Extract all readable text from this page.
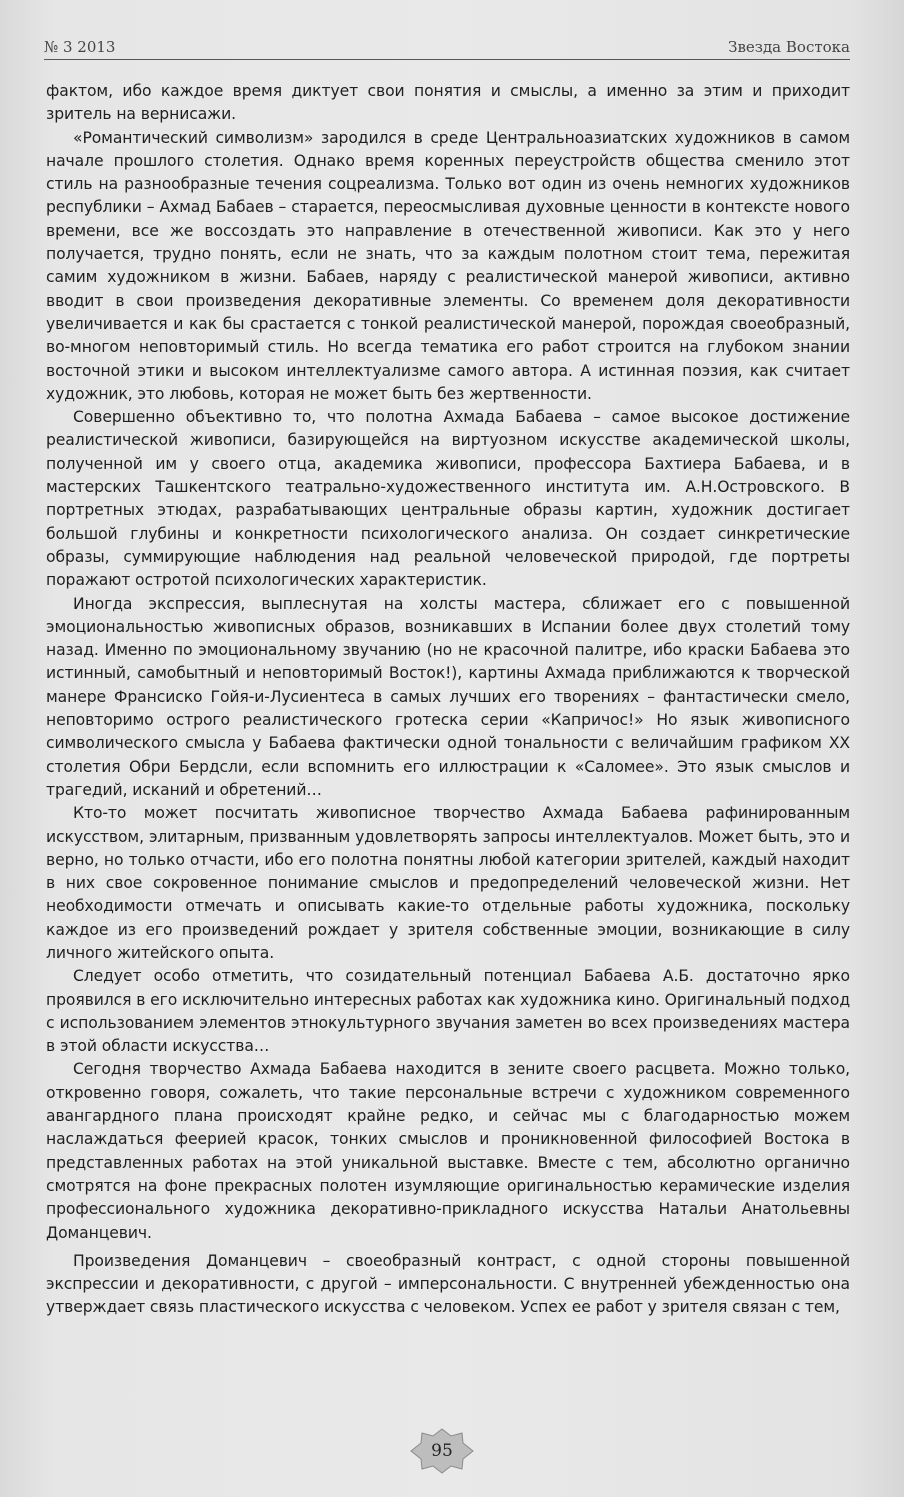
№ 3 2013	Звезда Востока

фактом, ибо каждое время диктует свои понятия и смыслы, а именно за этим и приходит зритель на вернисажи.

«Романтический символизм» зародился в среде Центральноазиатских художников в самом начале прошлого столетия. Однако время коренных переустройств общества сменило этот стиль на разнообразные течения соцреализма. Только вот один из очень немногих художников республики – Ахмад Бабаев – старается, переосмысливая духовные ценности в контексте нового времени, все же воссоздать это направление в отечественной живописи. Как это у него получается, трудно понять, если не знать, что за каждым полотном стоит тема, пережитая самим художником в жизни. Бабаев, наряду с реалистической манерой живописи, активно вводит в свои произведения декоративные элементы. Со временем доля декоративности увеличивается и как бы срастается с тонкой реалистической манерой, порождая своеобразный, во-многом неповторимый стиль. Но всегда тематика его работ строится на глубоком знании восточной этики и высоком интеллектуализме самого автора. А истинная поэзия, как считает художник, это любовь, которая не может быть без жертвенности.

Совершенно объективно то, что полотна Ахмада Бабаева – самое высокое достижение реалистической живописи, базирующейся на виртуозном искусстве академической школы, полученной им у своего отца, академика живописи, профессора Бахтиера Бабаева, и в мастерских Ташкентского театрально-художественного института им. А.Н.Островского. В портретных этюдах, разрабатывающих центральные образы картин, художник достигает большой глубины и конкретности психологического анализа. Он создает синкретические образы, суммирующие наблюдения над реальной человеческой природой, где портреты поражают остротой психологических характеристик.

Иногда экспрессия, выплеснутая на холсты мастера, сближает его с повышенной эмоциональностью живописных образов, возникавших в Испании более двух столетий тому назад. Именно по эмоциональному звучанию (но не красочной палитре, ибо краски Бабаева это истинный, самобытный и неповторимый Восток!), картины Ахмада приближаются к творческой манере Франсиско Гойя-и-Лусиентеса в самых лучших его творениях – фантастически смело, неповторимо острого реалистического гротеска серии «Капричос!» Но язык живописного символического смысла у Бабаева фактически одной тональности с величайшим графиком XX столетия Обри Бердсли, если вспомнить его иллюстрации к «Саломее». Это язык смыслов и трагедий, исканий и обретений…

Кто-то может посчитать живописное творчество Ахмада Бабаева рафинированным искусством, элитарным, призванным удовлетворять запросы интеллектуалов. Может быть, это и верно, но только отчасти, ибо его полотна понятны любой категории зрителей, каждый находит в них свое сокровенное понимание смыслов и предопределений человеческой жизни. Нет необходимости отмечать и описывать какие-то отдельные работы художника, поскольку каждое из его произведений рождает у зрителя собственные эмоции, возникающие в силу личного житейского опыта.

Следует особо отметить, что созидательный потенциал Бабаева А.Б. достаточно ярко проявился в его исключительно интересных работах как художника кино. Оригинальный подход с использованием элементов этнокультурного звучания заметен во всех произведениях мастера в этой области искусства…

Сегодня творчество Ахмада Бабаева находится в зените своего расцвета. Можно только, откровенно говоря, сожалеть, что такие персональные встречи с художником современного авангардного плана происходят крайне редко, и сейчас мы с благодарностью можем наслаждаться феерией красок, тонких смыслов и проникновенной философией Востока в представленных работах на этой уникальной выставке. Вместе с тем, абсолютно органично смотрятся на фоне прекрасных полотен изумляющие оригинальностью керамические изделия профессионального художника декоративно-прикладного искусства Натальи Анатольевны Доманцевич.

Произведения Доманцевич – своеобразный контраст, с одной стороны повышенной экспрессии и декоративности, с другой – имперсональности. С внутренней убежденностью она утверждает связь пластического искусства с человеком. Успех ее работ у зрителя связан с тем,

95
